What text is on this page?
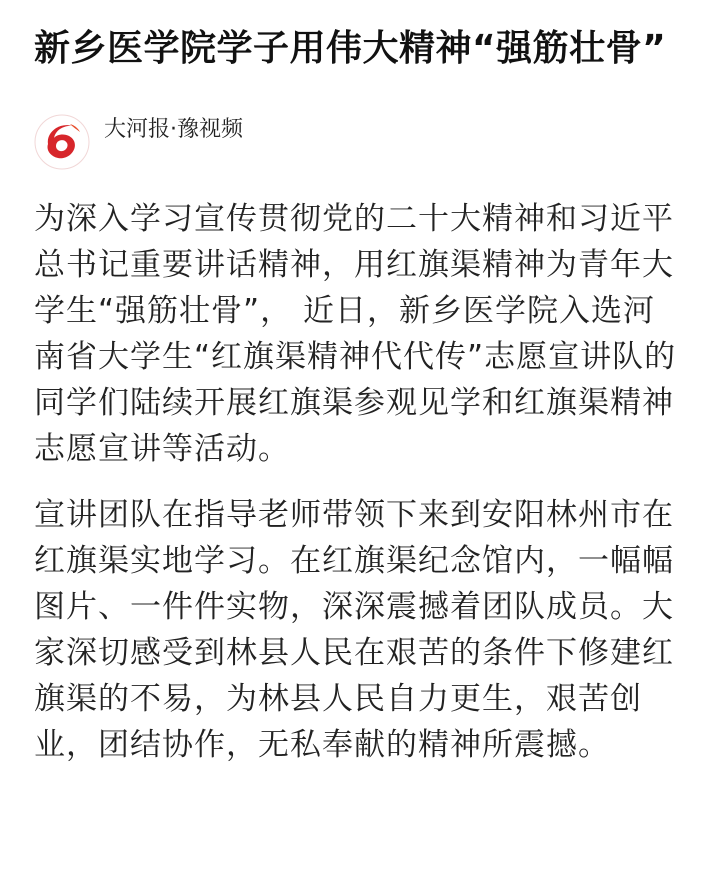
新乡医学院学子用伟大精神“强筋壮骨”
大河报·豫视频

为深入学习宣传贯彻党的二十大精神和习近平总书记重要讲话精神，用红旗渠精神为青年大学生“强筋壮骨”， 近日，新乡医学院入选河南省大学生“红旗渠精神代代传”志愿宣讲队的同学们陆续开展红旗渠参观见学和红旗渠精神志愿宣讲等活动。

宣讲团队在指导老师带领下来到安阳林州市在红旗渠实地学习。在红旗渠纪念馆内，一幅幅图片、一件件实物，深深震撼着团队成员。大家深切感受到林县人民在艰苦的条件下修建红旗渠的不易，为林县人民自力更生，艰苦创业，团结协作，无私奉献的精神所震撼。
